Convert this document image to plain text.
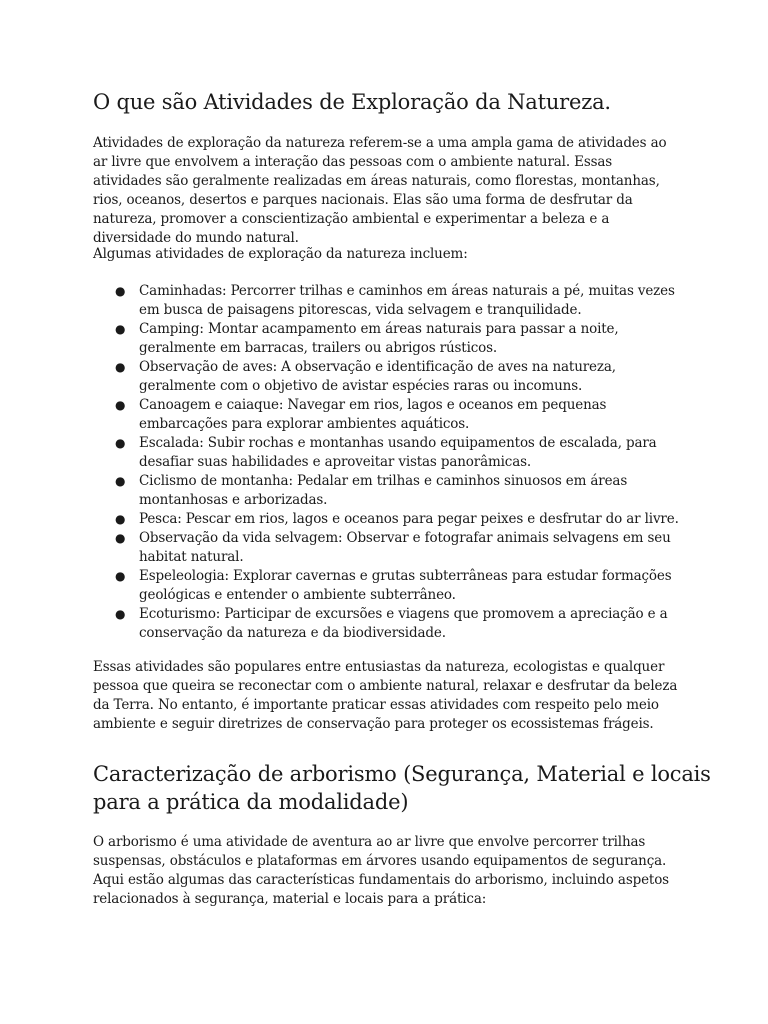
O que são Atividades de Exploração da Natureza.

Atividades de exploração da natureza referem-se a uma ampla gama de atividades ao ar livre que envolvem a interação das pessoas com o ambiente natural. Essas atividades são geralmente realizadas em áreas naturais, como florestas, montanhas, rios, oceanos, desertos e parques nacionais. Elas são uma forma de desfrutar da natureza, promover a conscientização ambiental e experimentar a beleza e a diversidade do mundo natural.

Algumas atividades de exploração da natureza incluem:

● Caminhadas: Percorrer trilhas e caminhos em áreas naturais a pé, muitas vezes em busca de paisagens pitorescas, vida selvagem e tranquilidade.
● Camping: Montar acampamento em áreas naturais para passar a noite, geralmente em barracas, trailers ou abrigos rústicos.
● Observação de aves: A observação e identificação de aves na natureza, geralmente com o objetivo de avistar espécies raras ou incomuns.
● Canoagem e caiaque: Navegar em rios, lagos e oceanos em pequenas embarcações para explorar ambientes aquáticos.
● Escalada: Subir rochas e montanhas usando equipamentos de escalada, para desafiar suas habilidades e aproveitar vistas panorâmicas.
● Ciclismo de montanha: Pedalar em trilhas e caminhos sinuosos em áreas montanhosas e arborizadas.
● Pesca: Pescar em rios, lagos e oceanos para pegar peixes e desfrutar do ar livre.
● Observação da vida selvagem: Observar e fotografar animais selvagens em seu habitat natural.
● Espeleologia: Explorar cavernas e grutas subterrâneas para estudar formações geológicas e entender o ambiente subterrâneo.
● Ecoturismo: Participar de excursões e viagens que promovem a apreciação e a conservação da natureza e da biodiversidade.

Essas atividades são populares entre entusiastas da natureza, ecologistas e qualquer pessoa que queira se reconectar com o ambiente natural, relaxar e desfrutar da beleza da Terra. No entanto, é importante praticar essas atividades com respeito pelo meio ambiente e seguir diretrizes de conservação para proteger os ecossistemas frágeis.

Caracterização de arborismo (Segurança, Material e locais para a prática da modalidade)

O arborismo é uma atividade de aventura ao ar livre que envolve percorrer trilhas suspensas, obstáculos e plataformas em árvores usando equipamentos de segurança. Aqui estão algumas das características fundamentais do arborismo, incluindo aspetos relacionados à segurança, material e locais para a prática:
